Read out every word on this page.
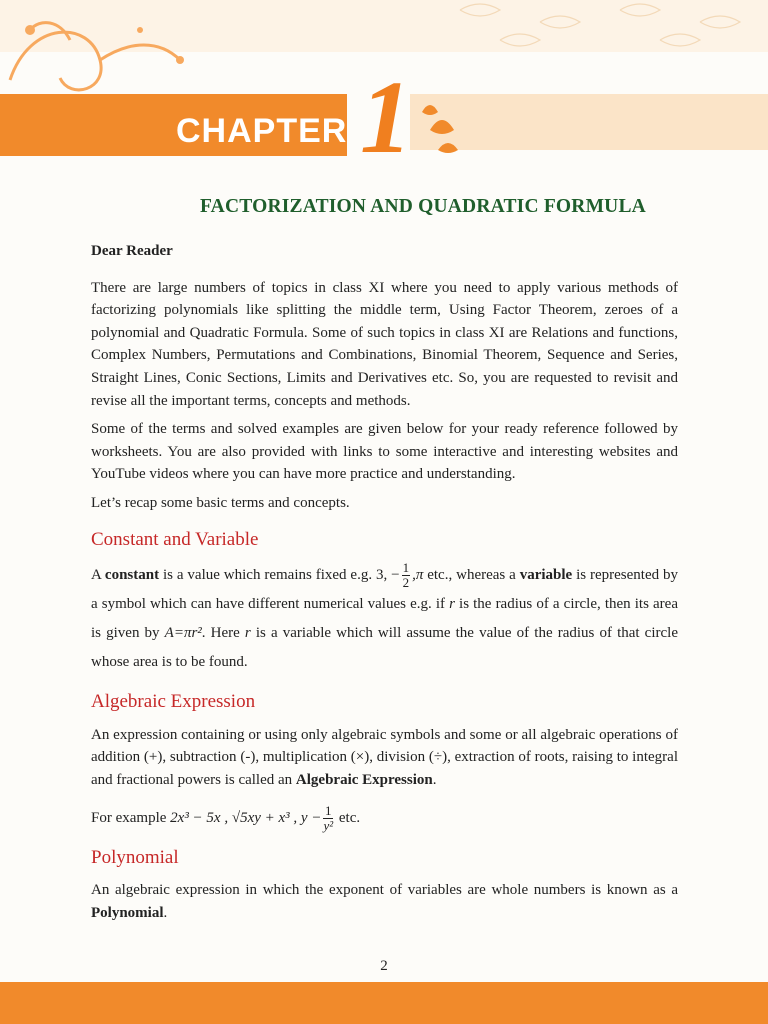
CHAPTER 1
FACTORIZATION AND QUADRATIC FORMULA

Dear Reader

There are large numbers of topics in class XI where you need to apply various methods of factorizing polynomials like splitting the middle term, Using Factor Theorem, zeroes of a polynomial and Quadratic Formula. Some of such topics in class XI are Relations and functions, Complex Numbers, Permutations and Combinations, Binomial Theorem, Sequence and Series, Straight Lines, Conic Sections, Limits and Derivatives etc. So, you are requested to revisit and revise all the important terms, concepts and methods.

Some of the terms and solved examples are given below for your ready reference followed by worksheets. You are also provided with links to some interactive and interesting websites and YouTube videos where you can have more practice and understanding.

Let’s recap some basic terms and concepts.

Constant and Variable

A constant is a value which remains fixed e.g. 3, − $\frac{1}{2} ,\pi$ etc., whereas a variable is represented by a symbol which can have different numerical values e.g. if r is the radius of a circle, then its area is given by A=πr². Here r is a variable which will assume the value of the radius of that circle whose area is to be found.

Algebraic Expression

An expression containing or using only algebraic symbols and some or all algebraic operations of addition (+), subtraction (-), multiplication (×), division (÷), extraction of roots, raising to integral and fractional powers is called an Algebraic Expression.

For example 2x³ − 5x , √5xy + x³ , $y - \frac{1}{\text{y²}}$ etc.

Polynomial

An algebraic expression in which the exponent of variables are whole numbers is known as a Polynomial.

2
